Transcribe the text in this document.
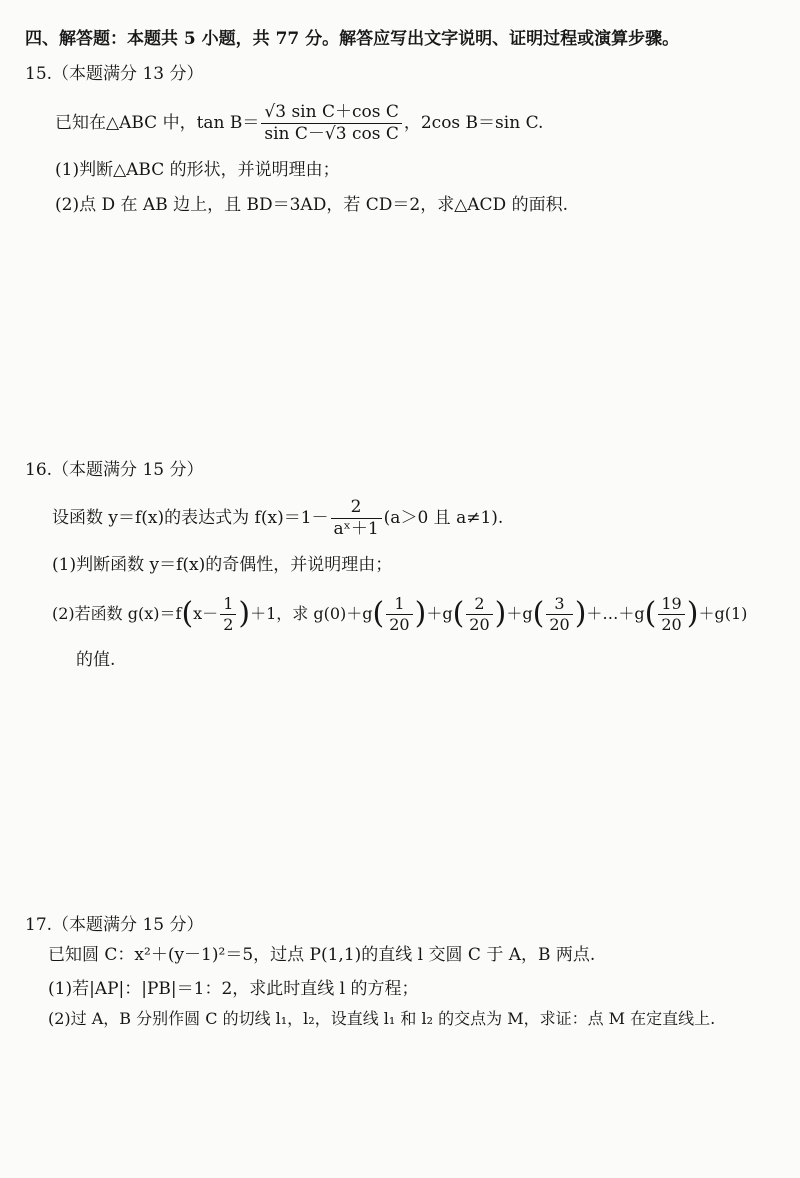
四、解答题：本题共 5 小题，共 77 分。解答应写出文字说明、证明过程或演算步骤。
15.（本题满分 13 分）
已知在△ABC 中，$\tan B= \frac{\text{√3 sin C＋cos C}}{\text{sin C－√3 cos C}}$ ，2cos B＝sin C.
(1)判断△ABC 的形状，并说明理由；
(2)点 D 在 AB 边上，且 BD＝3AD，若 CD＝2，求△ACD 的面积.
16.（本题满分 15 分）
设函数 y＝f(x)的表达式为 $f(x)=1- \frac{2}{\text{aˣ＋1}} (a>0$ 且 a≠1).
(1)判断函数 y＝f(x)的奇偶性，并说明理由；
(2)若函数 g(x)＝f ( $x- \frac{1}{2}$ ) ＋1，求 g(0)＋g ( $\frac{1}{20}$ ) ＋g ( $\frac{2}{20}$ ) ＋g ( $\frac{3}{20}$ ) ＋…＋g ( $\frac{19}{20}$ ) ＋g(1)
的值.
17.（本题满分 15 分）
已知圆 C：x²＋(y－1)²＝5，过点 P(1,1)的直线 l 交圆 C 于 A，B 两点.
(1)若|AP|：|PB|＝1：2，求此时直线 l 的方程；
(2)过 A，B 分别作圆 C 的切线 l₁，l₂，设直线 l₁ 和 l₂ 的交点为 M，求证：点 M 在定直线上.
